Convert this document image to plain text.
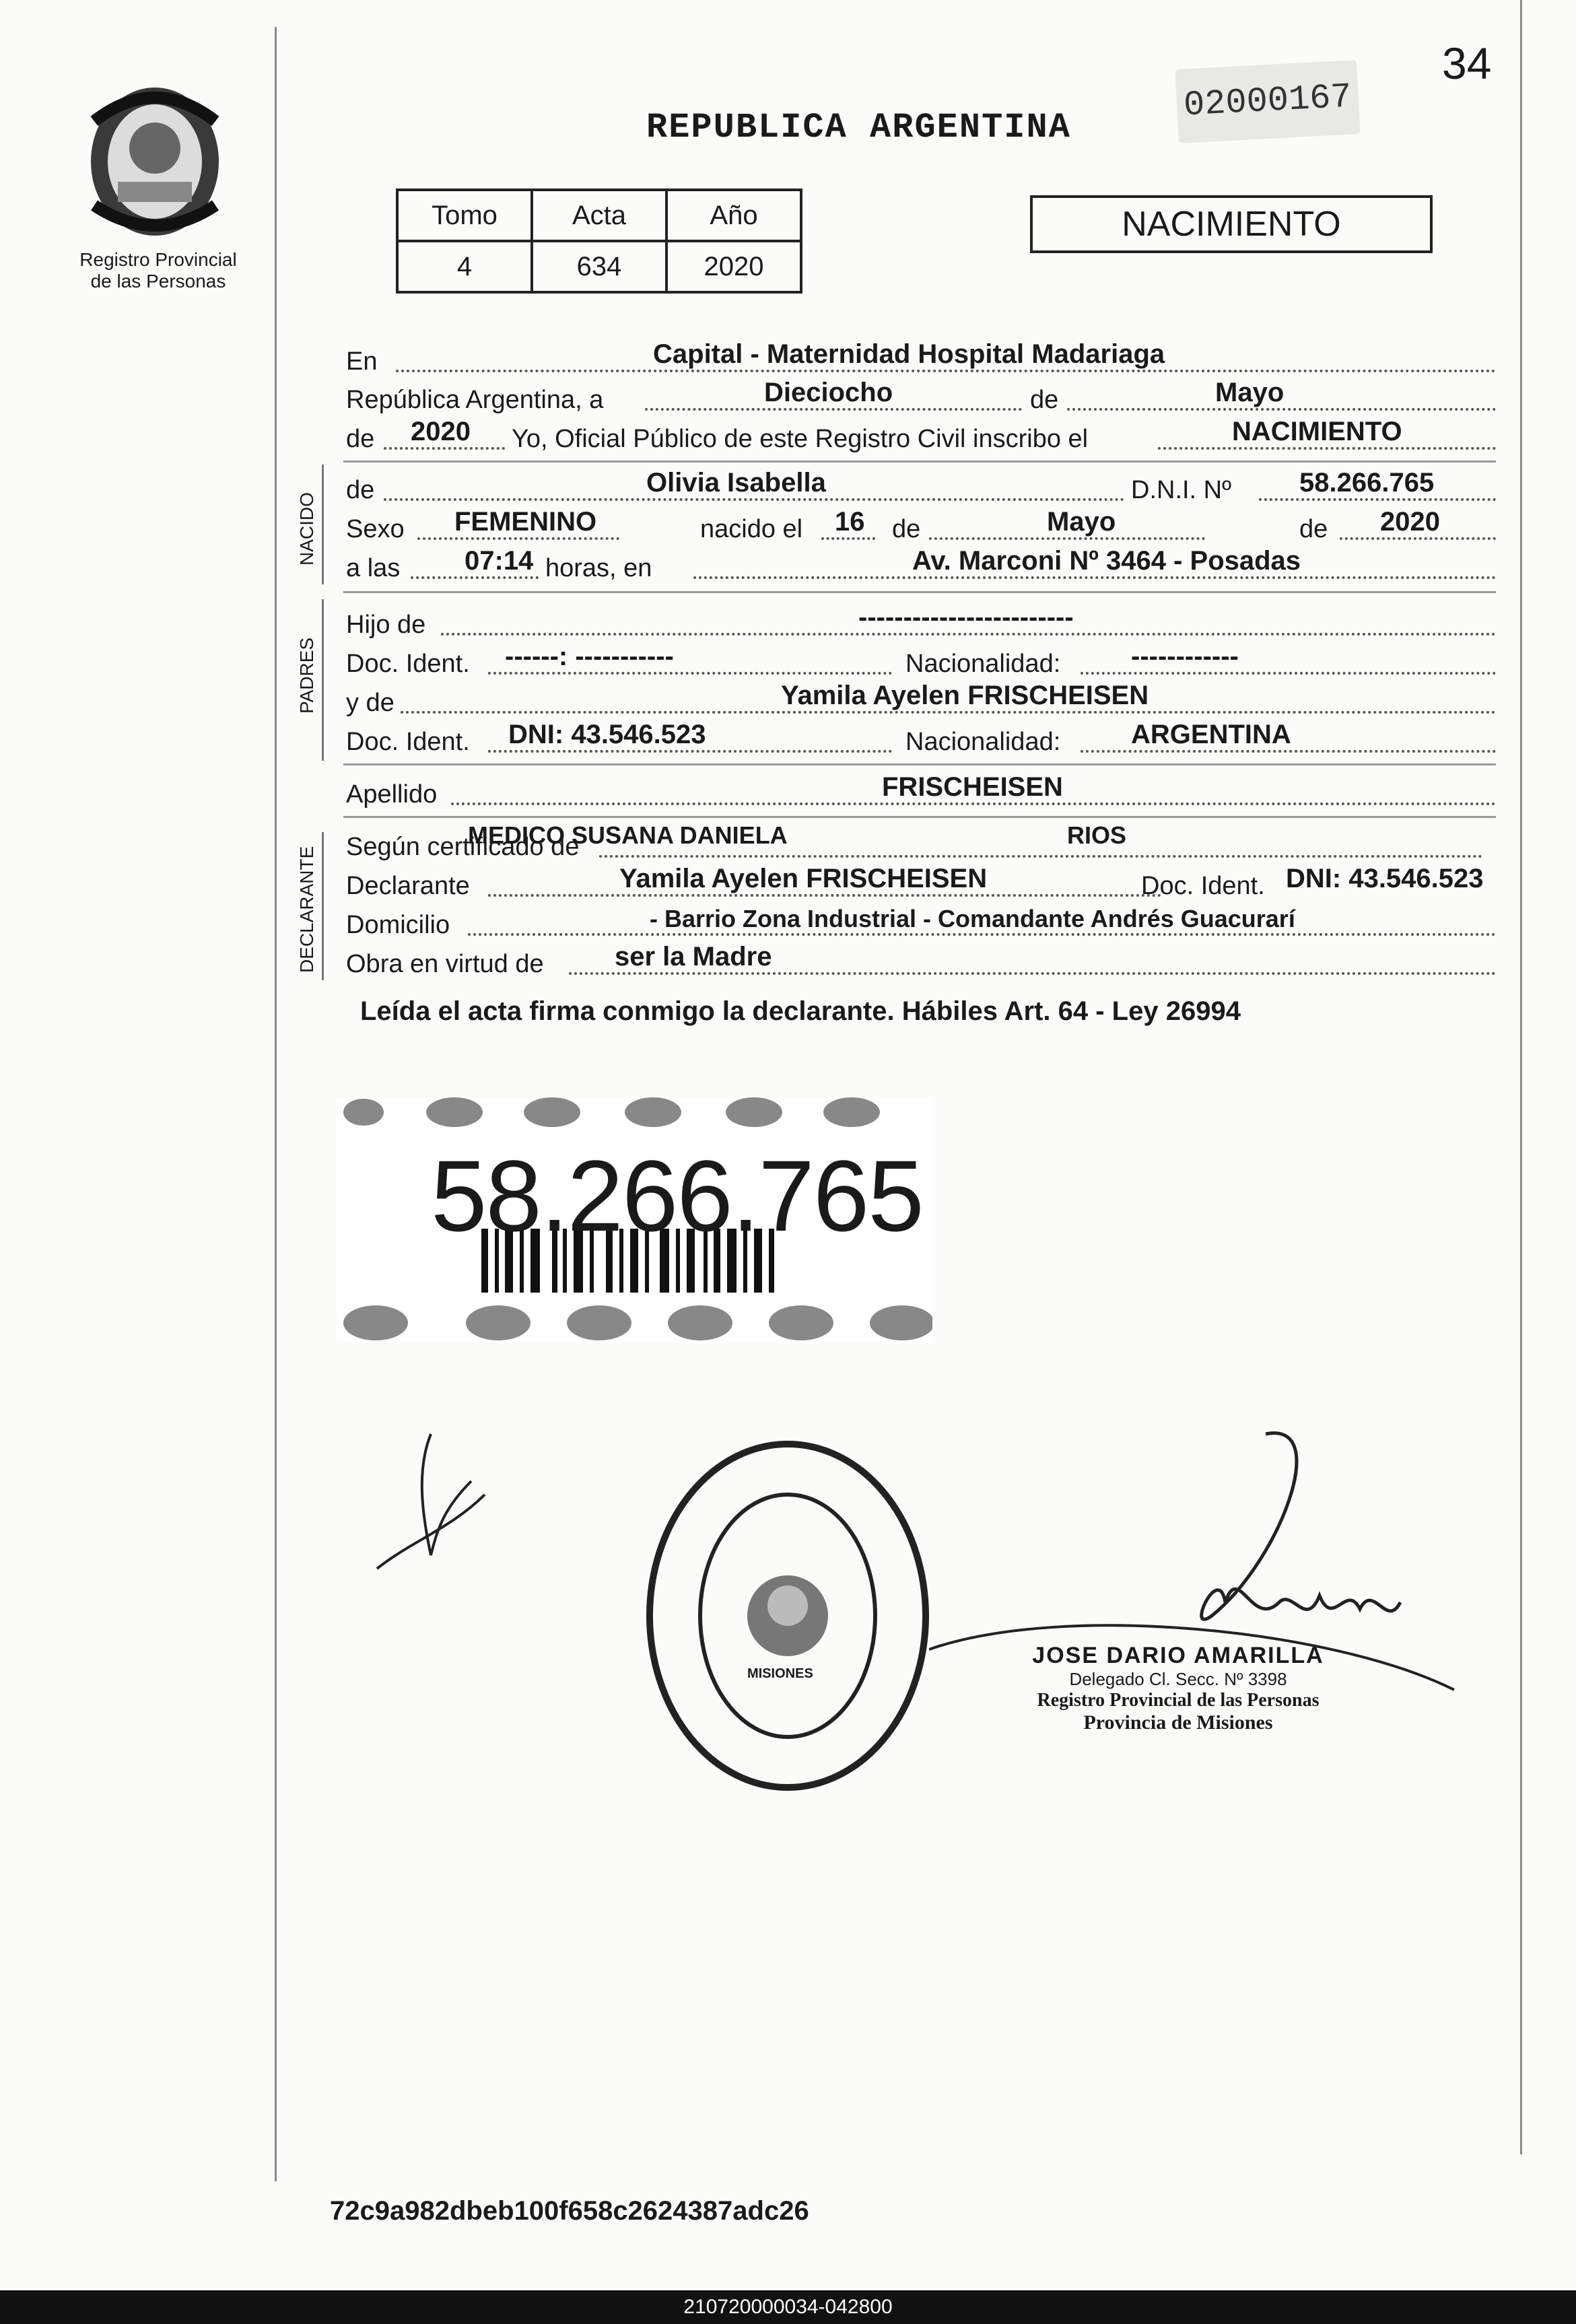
34
02000167
Registro Provincial
de las Personas
REPUBLICA ARGENTINA
Tomo	Acta	Año
4	634	2020
NACIMIENTO
En	Capital - Maternidad Hospital Madariaga
República Argentina, a	Dieciocho	de	Mayo
de 2020 Yo, Oficial Público de este Registro Civil inscribo el	NACIMIENTO
NACIDO
de	Olivia Isabella	D.N.I. Nº	58.266.765
Sexo FEMENINO	nacido el 16 de	Mayo	de 2020
a las 07:14 horas, en	Av. Marconi Nº 3464 - Posadas
PADRES
Hijo de	------------------------
Doc. Ident. ------: -----------	Nacionalidad:	------------
y de	Yamila Ayelen FRISCHEISEN
Doc. Ident. DNI: 43.546.523	Nacionalidad:	ARGENTINA
Apellido	FRISCHEISEN
DECLARANTE Según certificado de
MEDICO SUSANA DANIELA	RIOS
Declarante	Yamila Ayelen FRISCHEISEN	Doc. Ident. DNI: 43.546.523
Domicilio	- Barrio Zona Industrial - Comandante Andrés Guacurarí
Obra en virtud de	ser la Madre
Leída el acta firma conmigo la declarante. Hábiles Art. 64 - Ley 26994
58.266.765
MISIONES
JOSE DARIO AMARILLA
Delegado Cl. Secc. Nº 3398
Registro Provincial de las Personas
Provincia de Misiones
72c9a982dbeb100f658c2624387adc26
210720000034-042800
